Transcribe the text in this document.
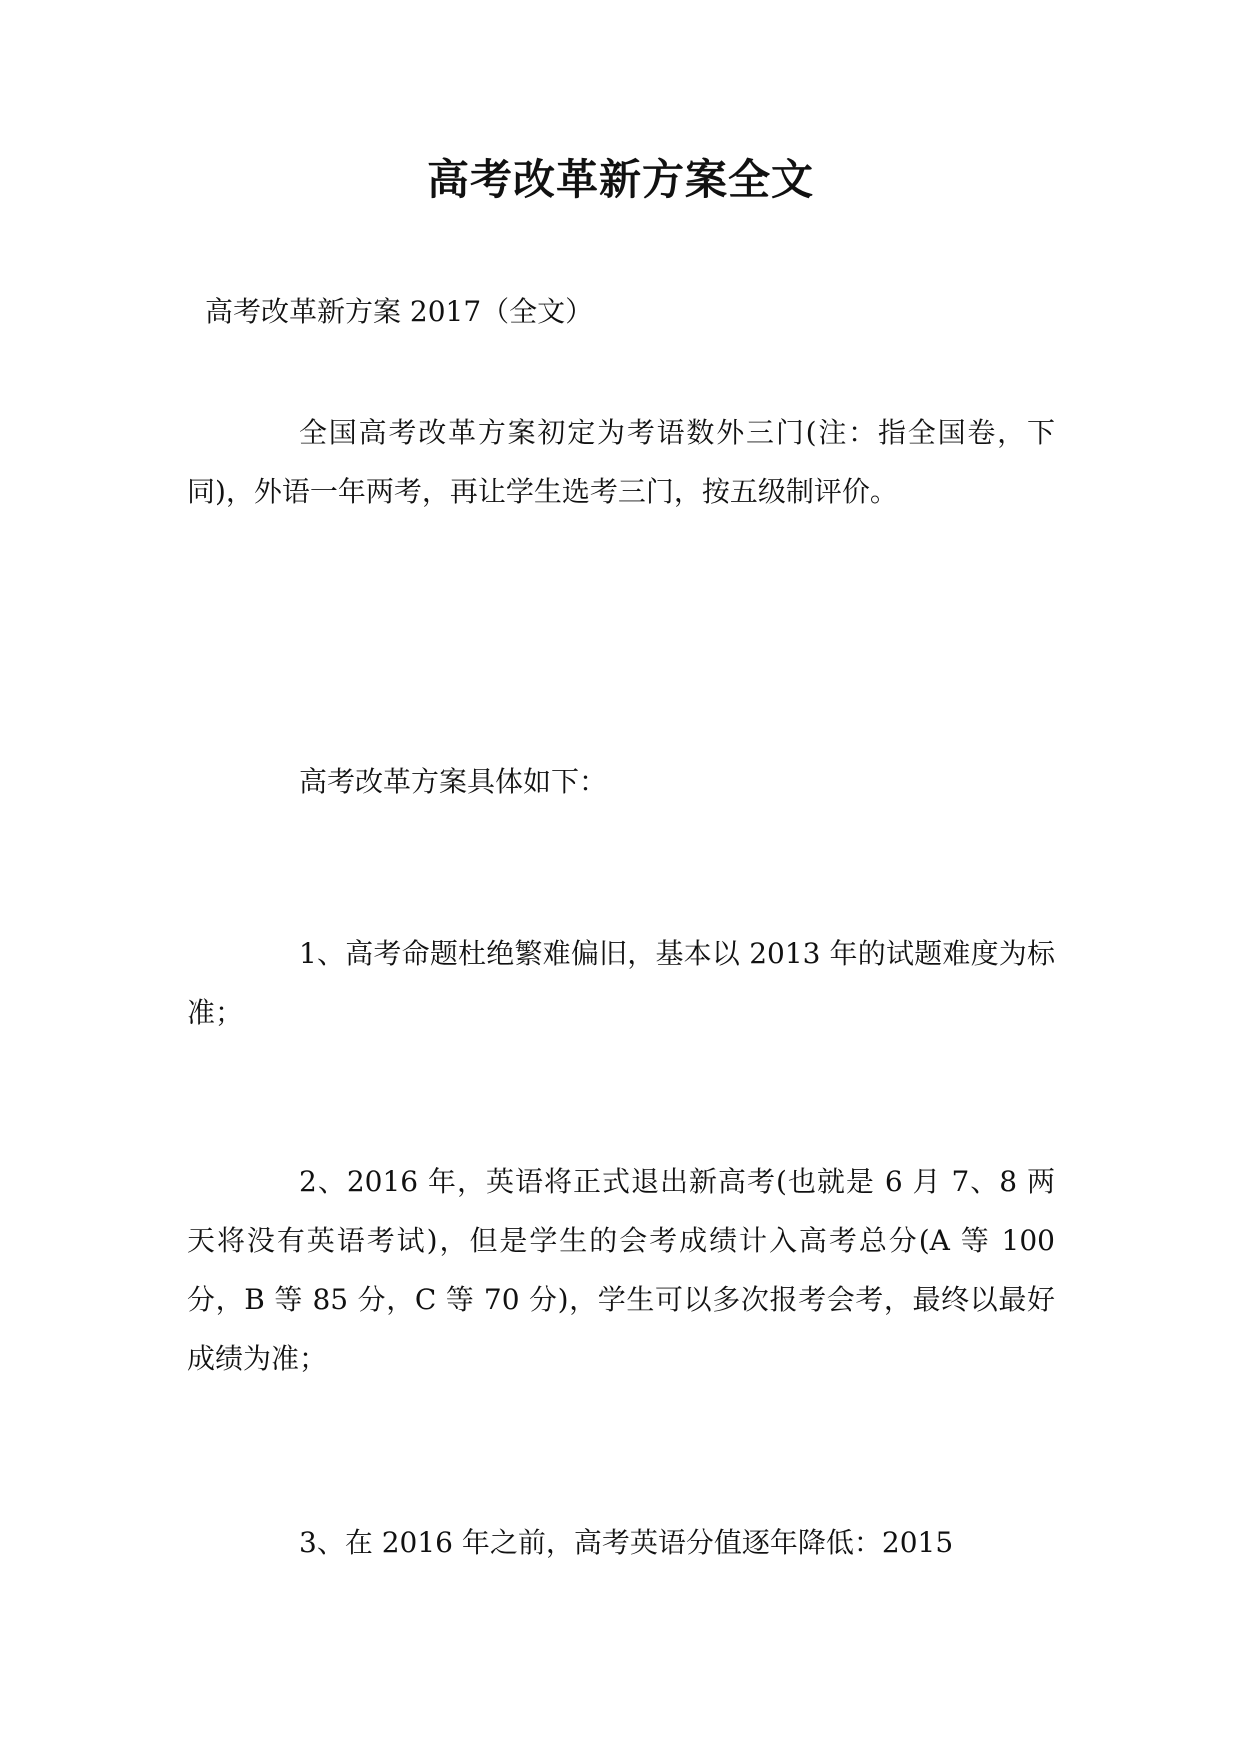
高考改革新方案全文
高考改革新方案 2017（全文）

全国高考改革方案初定为考语数外三门(注：指全国卷，下同)，外语一年两考，再让学生选考三门，按五级制评价。

高考改革方案具体如下：

1、高考命题杜绝繁难偏旧，基本以 2013 年的试题难度为标准；

2、2016 年，英语将正式退出新高考(也就是 6 月 7、8 两天将没有英语考试)，但是学生的会考成绩计入高考总分(A 等 100 分，B 等 85 分，C 等 70 分)，学生可以多次报考会考，最终以最好成绩为准；

3、在 2016 年之前，高考英语分值逐年降低：2015
